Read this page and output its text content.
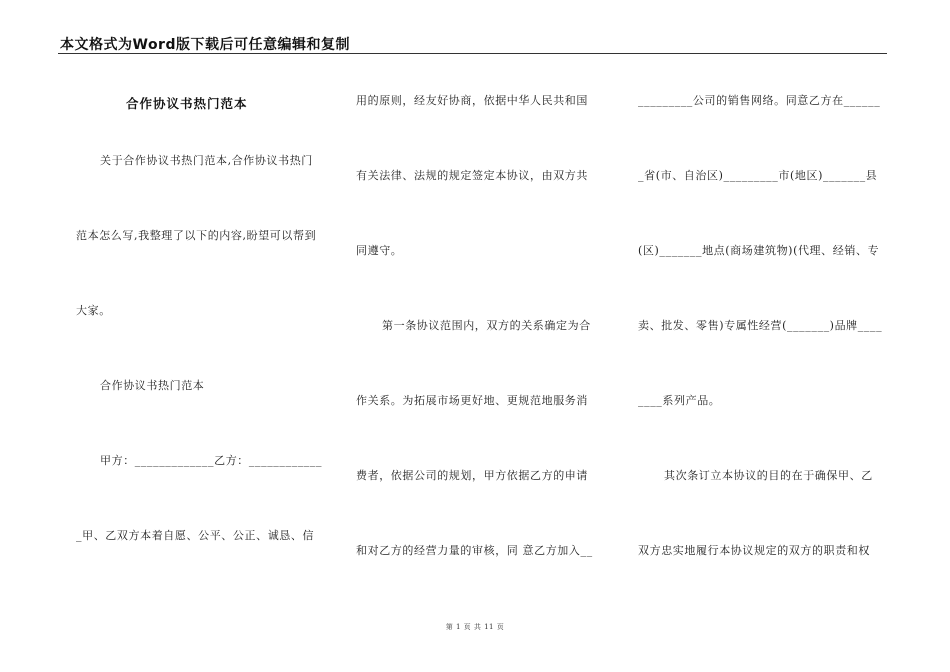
本文格式为Word版下载后可任意编辑和复制
合作协议书热门范本
关于合作协议书热门范本,合作协议书热门
范本怎么写,我整理了以下的内容,盼望可以帮到
大家。
合作协议书热门范本
甲方：_____________乙方：____________
_甲、乙双方本着自愿、公平、公正、诚恳、信
用的原则，经友好协商，依据中华人民共和国
有关法律、法规的规定签定本协议，由双方共
同遵守。
第一条协议范围内，双方的关系确定为合
作关系。为拓展市场更好地、更规范地服务消
费者，依据公司的规划，甲方依据乙方的申请
和对乙方的经营力量的审核，同 意乙方加入__
_________公司的销售网络。同意乙方在______
_省(市、自治区)_________市(地区)_______县
(区)_______地点(商场建筑物)(代理、经销、专
卖、批发、零售)专属性经营(_______)品牌____
____系列产品。
其次条订立本协议的目的在于确保甲、乙
双方忠实地履行本协议规定的双方的职责和权
第 1 页 共 11 页
